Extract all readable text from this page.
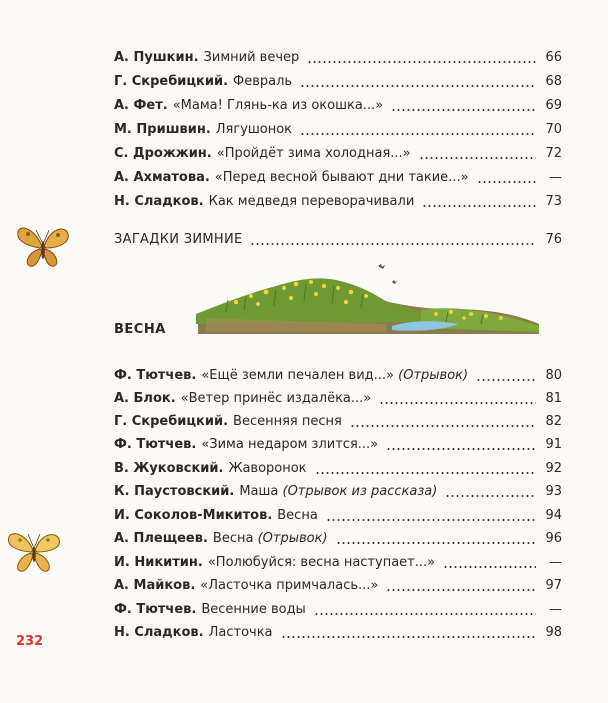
А. Пушкин. Зимний вечер	66
Г. Скребицкий. Февраль	68
А. Фет. «Мама! Глянь-ка из окошка...»	69
М. Пришвин. Лягушонок	70
С. Дрожжин. «Пройдёт зима холодная...»	72
А. Ахматова. «Перед весной бывают дни такие...»	—
Н. Сладков. Как медведя переворачивали	73
ЗАГАДКИ ЗИМНИЕ	76
ВЕСНА
Ф. Тютчев. «Ещё земли печален вид...» (Отрывок)	80
А. Блок. «Ветер принёс издалёка...»	81
Г. Скребицкий. Весенняя песня	82
Ф. Тютчев. «Зима недаром злится...»	91
В. Жуковский. Жаворонок	92
К. Паустовский. Маша (Отрывок из рассказа)	93
И. Соколов-Микитов. Весна	94
А. Плещеев. Весна (Отрывок)	96
И. Никитин. «Полюбуйся: весна наступает...»	—
А. Майков. «Ласточка примчалась...»	97
Ф. Тютчев. Весенние воды	—
Н. Сладков. Ласточка	98
232
